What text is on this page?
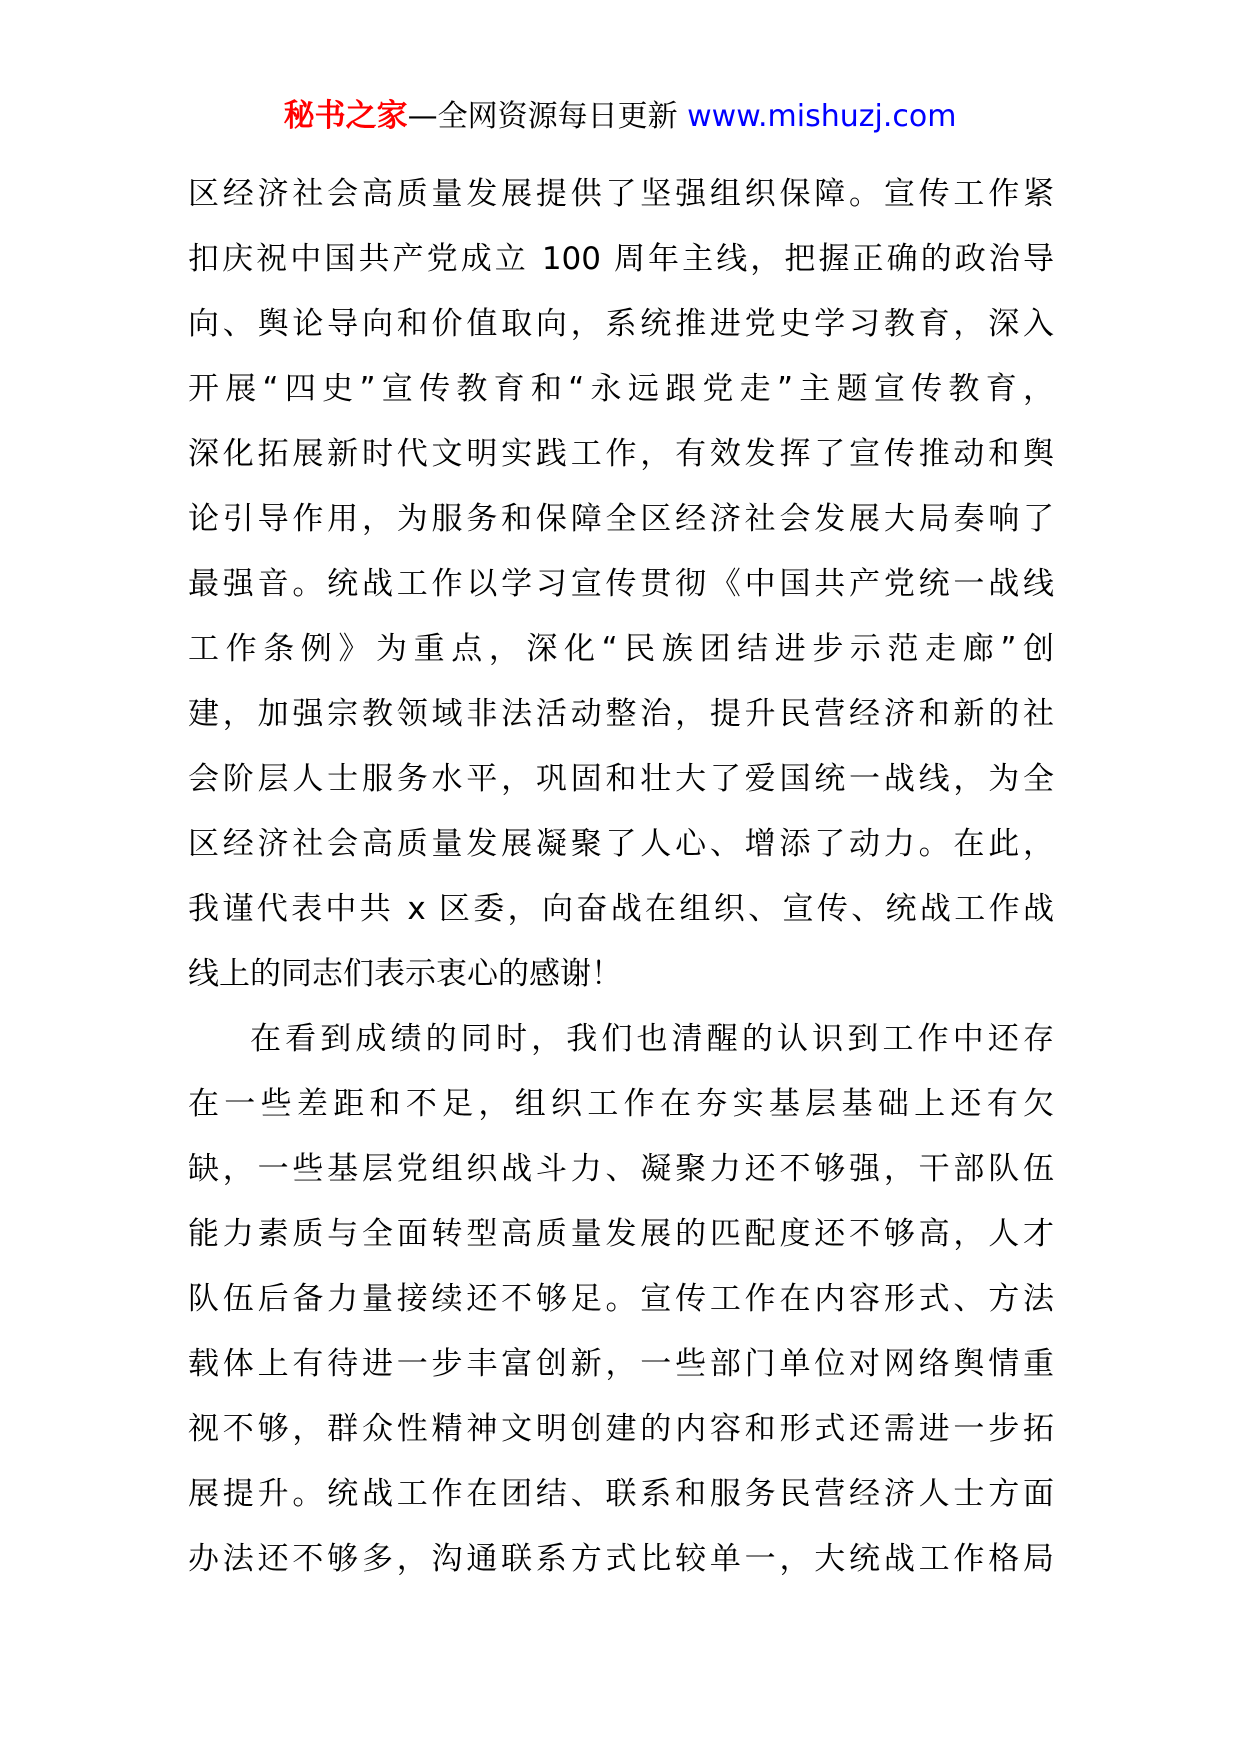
秘书之家—全网资源每日更新 www.mishuzj.com
区经济社会高质量发展提供了坚强组织保障。宣传工作紧
扣庆祝中国共产党成立 100 周年主线，把握正确的政治导
向、舆论导向和价值取向，系统推进党史学习教育，深入
开展“四史”宣传教育和“永远跟党走”主题宣传教育，
深化拓展新时代文明实践工作，有效发挥了宣传推动和舆
论引导作用，为服务和保障全区经济社会发展大局奏响了
最强音。统战工作以学习宣传贯彻《中国共产党统一战线
工作条例》为重点，深化“民族团结进步示范走廊”创
建，加强宗教领域非法活动整治，提升民营经济和新的社
会阶层人士服务水平，巩固和壮大了爱国统一战线，为全
区经济社会高质量发展凝聚了人心、增添了动力。在此，
我谨代表中共 x 区委，向奋战在组织、宣传、统战工作战
线上的同志们表示衷心的感谢！
在看到成绩的同时，我们也清醒的认识到工作中还存
在一些差距和不足，组织工作在夯实基层基础上还有欠
缺，一些基层党组织战斗力、凝聚力还不够强，干部队伍
能力素质与全面转型高质量发展的匹配度还不够高，人才
队伍后备力量接续还不够足。宣传工作在内容形式、方法
载体上有待进一步丰富创新，一些部门单位对网络舆情重
视不够，群众性精神文明创建的内容和形式还需进一步拓
展提升。统战工作在团结、联系和服务民营经济人士方面
办法还不够多，沟通联系方式比较单一，大统战工作格局
